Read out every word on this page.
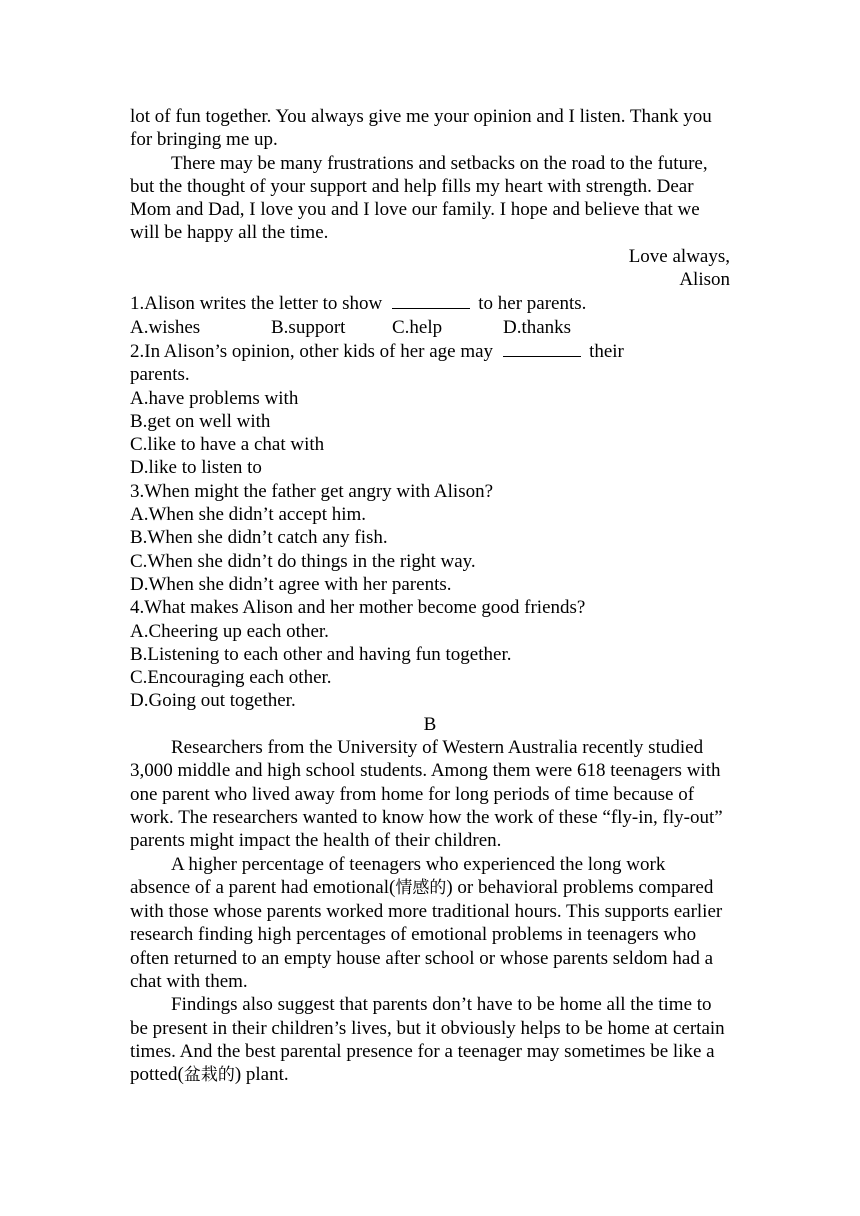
lot of fun together. You always give me your opinion and I listen. Thank you for bringing me up.

There may be many frustrations and setbacks on the road to the future, but the thought of your support and help fills my heart with strength. Dear Mom and Dad, I love you and I love our family. I hope and believe that we will be happy all the time.

Love always,

Alison

1.Alison writes the letter to show	to her parents.

A.wishes	B.support C.help	D.thanks

2.In Alison’s opinion, other kids of her age may	their parents.

A.have problems with

B.get on well with

C.like to have a chat with

D.like to listen to

3.When might the father get angry with Alison?

A.When she didn’t accept him.

B.When she didn’t catch any fish.

C.When she didn’t do things in the right way.

D.When she didn’t agree with her parents.

4.What makes Alison and her mother become good friends?

A.Cheering up each other.

B.Listening to each other and having fun together.

C.Encouraging each other.

D.Going out together.

B

Researchers from the University of Western Australia recently studied 3,000 middle and high school students. Among them were 618 teenagers with one parent who lived away from home for long periods of time because of work. The researchers wanted to know how the work of these “fly-in, fly-out” parents might impact the health of their children.

A higher percentage of teenagers who experienced the long work absence of a parent had emotional(情感的) or behavioral problems compared with those whose parents worked more traditional hours. This supports earlier research finding high percentages of emotional problems in teenagers who often returned to an empty house after school or whose parents seldom had a chat with them.

Findings also suggest that parents don’t have to be home all the time to be present in their children’s lives, but it obviously helps to be home at certain times. And the best parental presence for a teenager may sometimes be like a potted(盆栽的) plant.
